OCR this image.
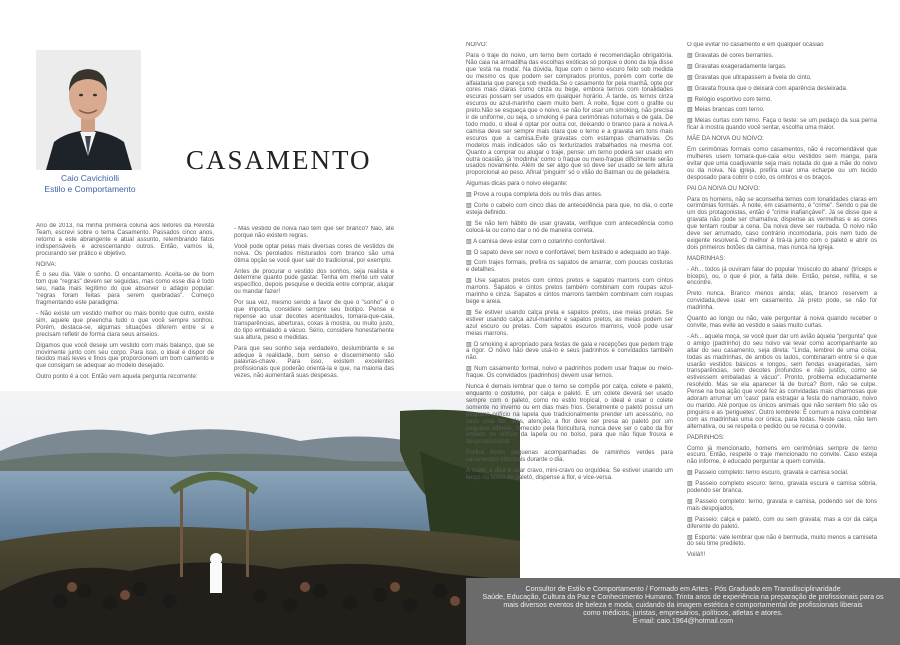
Caio Cavichiolli
Estilo e Comportamento
CASAMENTO

Ano de 2013, na minha primeira coluna aos leitores da Revista Team, escrevi sobre o tema Casamento. Passados cinco anos, retorno a este abrangente e atual assunto, relembrando fatos indispensáveis e acrescentando outros. Então, vamos lá, procurando ser prático e objetivo.

NOIVA:

É o seu dia. Vale o sonho. O encantamento. Aceita-se de bom tom que "regras" devem ser seguidas, mas como esse dia é todo seu, nada mais legítimo do que absorver o adágio popular: "regras foram feitas para serem quebradas". Começo fragmentando este paradigma:

- Não existe um vestido melhor ou mais bonito que outro, existe sim, aquele que preencha tudo o que você sempre sonhou. Porém, destaca-se, algumas situações diferem entre si e precisam refletir de forma clara seus anseios.

Digamos que você deseje um vestido com mais balanço, que se movimente junto com seu corpo. Para isso, o ideal é dispor de tecidos mais leves e finos que proporcionem um bom caimento e que consigam se adequar ao modelo desejado.

Outro ponto é a cor. Então vem aquela pergunta recorrente:

- Mas vestido de noiva não tem que ser branco? Não, até porque não existem regras.

Você pode optar pelas mais diversas cores de vestidos de noiva. Os perolados misturados com branco são uma ótima opção se você quer sair do tradicional, por exemplo.

Antes de procurar o vestido dos sonhos, seja realista e determine quanto pode gastar. Tenha em mente um valor específico, depois pesquise e decida entre comprar, alugar ou mandar fazer!

Por sua vez, mesmo sendo a favor de que o "sonho" é o que importa, considere sempre seu biotipo. Pense e repense ao usar decotes acentuados, tomara-que-caia, transparências, aberturas, coxas à mostra, ou muito justo, do tipo embalado a vácuo. Sério, considere honestamente sua altura, peso e medidas.

Para que seu sonho seja verdadeiro, deslumbrante e se adeque à realidade, bom senso e discernimento são palavras-chave. Para isso, existem excelentes profissionais que poderão orientá-la e que, na maioria das vezes, não aumentarã suas despesas.

NOIVO:

Para o traje do noivo, um terno bem cortado é recomendação obrigatória. Não caia na armadilha das escolhas exóticas só porque o dono da loja disse que 'está na moda'. Na dúvida, fique com o terno escuro feito sob medida ou mesmo os que podem ser comprados prontos, porém com corte de alfaiataria que pareça sob medida.Se o casamento for pela manhã, opte por cores mais claras como cinza ou bege, embora ternos com tonalidades escuras possam ser usados em qualquer horário. À tarde, os ternos cinza escuros ou azul-marinho caem muito bem. À noite, fique com o grafite ou preto.Não se esqueça que o noivo, se não for usar um smoking, não precisa ir de uniforme, ou seja, o smoking é para cerimônias noturnas e de gala. De todo modo, o ideal é optar por outra cor, deixando o branco para a noiva.A camisa deve ser sempre mais clara que o terno e a gravata em tons mais escuros que a camisa.Evite gravatas com estampas chamativas. Os modelos mais indicados são os texturizados trabalhados na mesma cor. Quanto a comprar ou alugar o traje, pense: um terno poderá ser usado em outra ocasião, já 'modinha' como o fraque ou meio-fraque dificilmente serão usados novamente. Além de ser algo que só deve ser usado se tem altura proporcional ao peso. Afinal 'pinguim' só o vilão do Batman ou de geladeira.

Algumas dicas para o noivo elegante:

▧ Prove a roupa completa dois ou três dias antes.

▧ Corte o cabelo com cinco dias de antecedência para que, no dia, o corte esteja definido.

▧ Se não tem hábito de usar gravata, verifique com antecedência como colocá-la ou como dar o nó de maneira correta.

▧ A camisa deve estar com o colarinho confortável.

▧ O sapato deve ser novo e confortável, bem lustrado e adequado ao traje.

▧ Com trajes formais, prefira os sapatos de amarrar, com poucas costuras e detalhes.

▧ Use sapatos pretos com cintos pretos e sapatos marrons com cintos marrons. Sapatos e cintos pretos também combinam com roupas azul-marinho e cinza. Sapatos e cintos marrons também combinam com roupas bege e areia.

▧ Se estiver usando calça preta e sapatos pretos, use meias pretas. Se estiver usando calça azul-marinho e sapatos pretos, as meias podem ser azul escuro ou pretas. Com sapatos escuros marrons, você pode usar meias marrons.

▧ O smoking é apropriado para festas de gala e recepções que pedem traje a rigor. O noivo não deve usá-lo e seus padrinhos e convidados também não.

▧ Num casamento formal, noivo e padrinhos podem usar fraque ou meio-fraque. Os convidados (padrinhos) devem usar ternos.

Nunca é demais lembrar que o terno se compõe por calça, colete e paletó, enquanto o costume, por calça e paletó. E um colete deverá ser usado sempre com o paletó, como no estilo tropical, o ideal é usar o colete somente no inverno ou em dias mais frios. Geralmente o paletó possui um pequeno orifício na lapela que tradicionalmente prender um acessório, no caso uma flor. Mas, atenção, a flor deve ser presa ao paletó por um pequeno alfinete, fornecido pela floricultura, nunca deve ser o cabo da flor enfiado no orifício da lapela ou no bolso, para que não fique frouxa e desproporcional.

Prefira flores pequenas acompanhadas de raminhos verdes para casamentos informais durante o dia.

À noite, a dica é usar cravo, mini-cravo ou orquídea. Se estiver usando um lenço no bolso do paletó, dispense a flor, e vice-versa.

O que evitar no casamento e em qualquer ocasião

▧ Gravatas de cores berrantes.

▧ Gravatas exageradamente largas.

▧ Gravatas que ultrapassem a fivela do cinto.

▧ Gravata frouxa que o deixará com aparência desleixada.

▧ Relógio esportivo com terno.

▧ Meias brancas com terno.

▧ Meias curtas com terno. Faça o teste: se um pedaço da sua perna ficar à mostra quando você sentar, escolha uma maior.

MÃE DA NOIVA OU NOIVO:

Em cerimônias formais como casamentos, não é recomendável que mulheres usem tomara-que-caia e/ou vestidos sem manga, para evitar que uma coadjuvante seja mais notada do que a mãe do noivo ou da noiva. Na igreja, prefira usar uma echarpe ou um tecido desposado para cobrir o colo, os ombros e os braços.

PAI DA NOIVA OU NOIVO:

Para os homens, não se aconselha ternos com tonalidades claras em cerimônias formais. À noite, em casamento, é "crime". Sendo o pai de um dos protagonistas, então é "crime inafiançável". Já se disse que a gravata não pode ser chamativa; dispense as vermelhas e as cores que tentam roubar a cena. Da noiva deve ser roubada. O noivo não deve ser arrumado, caso contrário incomodaria, pois nem tudo de exigente resolverá. O melhor é tirá-la junto com o paletó e abrir os dois primeiros botões da camisa, mas nunca na igreja.

MADRINHAS:

- Ah... todos já ouviram falar do popular 'músculo do abano' (tríceps e bíceps), ou, o que é pior, a falta dele. Então, pense, reflita, e se encontre.

Preto nunca. Branco menos ainda; elas, branco reservem a convidada,deve usar em casamento. Já preto pode, se não for madrinha.

Quanto ao longo ou não, vale perguntar à noiva quando receber o convite, mas evite ao vestido e saias muito curtas.

- Ah... aquela moça, se você quer dar um avião àquela "pergunta" que o amigo (padrinho) do seu noivo vai levar como acompanhante ao altar do seu casamento, seja direta: "Linda, lembrei de uma coisa, todas as madrinhas, de ambos os lados, combinaram entre si e que usarão vestidos básicos e longos, sem fendas exageradas, sem transparências, sem decotes profundos e não justos, como se estivessem embaladas a vácuo". Pronto, problema educadamente resolvido. Mas se ela aparecer lá de burca? Bom, não se culpe. Pense na boa ação que você fez às convidadas mais charmosas que adoram arrumar um 'caso' para estragar a festa do namorado, noivo ou marido. Até porque os únicos animais que não sentem frio são os pinguins e as 'periguetes'. Outro lembrete: É comum a noiva combinar com as madrinhas uma cor única, para todas. Neste caso, não tem alternativa, ou se respeita o pedido ou se recusa o convite.

PADRINHOS:

Como já mencionado, homens em cerimônias sempre de terno escuro. Então, respeite o traje mencionado no convite. Caso esteja não informe, é educado perguntar a quem convida.

▧ Passeio completo: terno escuro, gravata e camisa social.

▧ Passeio completo escuro: terno, gravata escura e camisa sóbria, podendo ser branca.

▧ Passeio completo: terno, gravata e camisa, podendo ser de tons mais despojados.

▧ Passeio: calça e paletó, com ou sem gravata; mas a cor da calça diferente do paletó.

▧ Esporte: vale lembrar que não é bermuda, muito menos a camiseta do seu time predileto.

Voilà!!!

Consultor de Estilo e Comportamento / Formado em Artes - Pós Graduado em Transdisciplinaridade
Saúde, Educação, Cultura da Paz e Conhecimento Humano. Trinta anos de experiência na preparação de profissionais para os
mais diversos eventos de beleza e moda, cuidando da imagem estética e comportamental de profissionais liberais
como médicos, juristas, empresários, políticos, atletas e atores.
E-mail: caio.1964@hotmail.com
